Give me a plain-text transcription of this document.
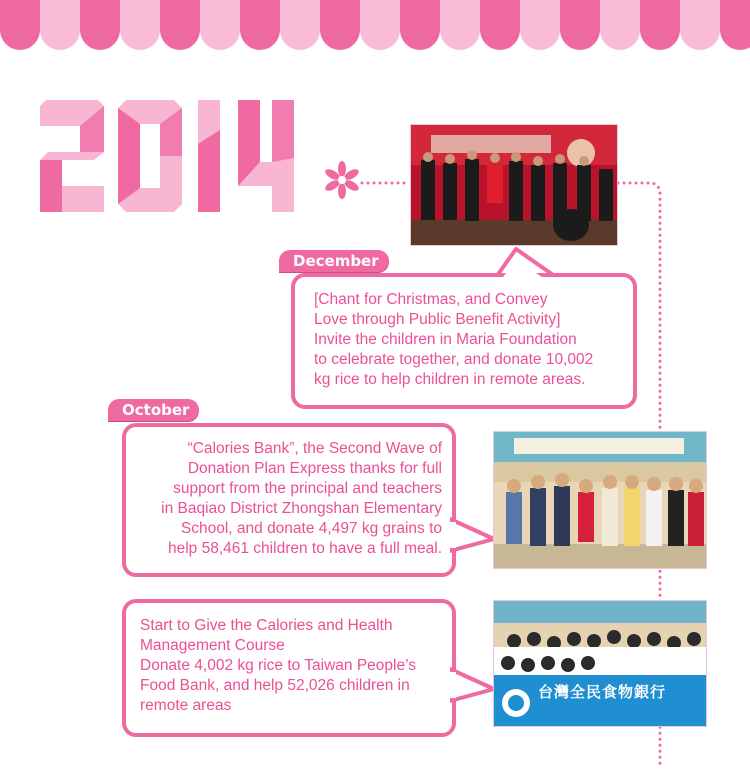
December

[Chant for Christmas, and Convey

Love through Public Benefit Activity]

Invite the children in Maria Foundation

to celebrate together, and donate 10,002

kg rice to help children in remote areas.

October

“Calories Bank”, the Second Wave of

Donation Plan Express thanks for full

support from the principal and teachers

in Baqiao District Zhongshan Elementary

School, and donate 4,497 kg grains to

help 58,461 children to have a full meal.

Start to Give the Calories and Health

Management Course

Donate 4,002 kg rice to Taiwan People’s

Food Bank, and help 52,026 children in

remote areas

台灣全民食物銀行
